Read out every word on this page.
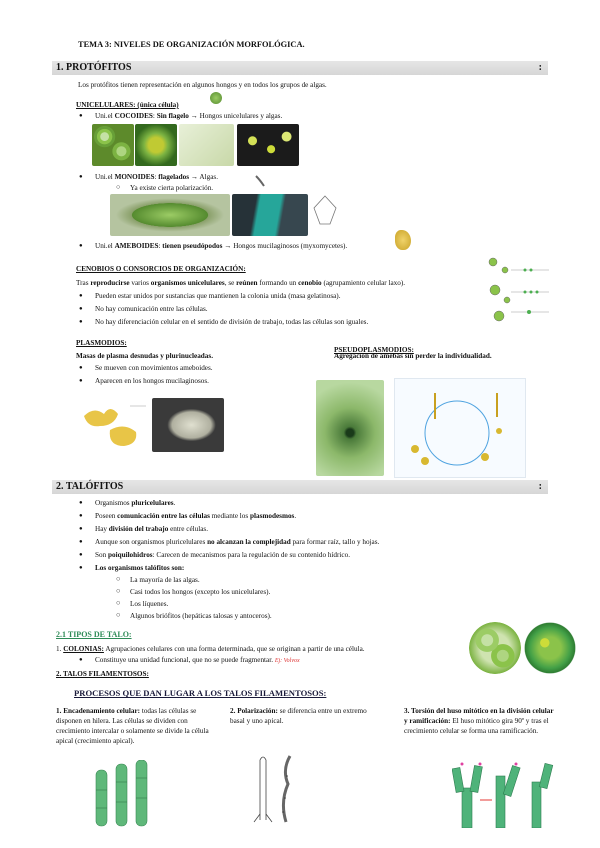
TEMA 3: NIVELES DE ORGANIZACIÓN MORFOLÓGICA.
1. PROTÓFITOS	:
Los protófitos tienen representación en algunos hongos y en todos los grupos de algas.
UNICELULARES: (única célula)
● Uni.el COCOIDES: Sin flagelo → Hongos unicelulares y algas.
● Uni.el MONOIDES: flagelados → Algas.
○ Ya existe cierta polarización.
● Uni.el AMEBOIDES: tienen pseudópodos → Hongos mucilaginosos (myxomycetes).
CENOBIOS O CONSORCIOS DE ORGANIZACIÓN:
Tras reproducirse varios organismos unicelulares, se reúnen formando un cenobio (agrupamiento celular laxo).
● Pueden estar unidos por sustancias que mantienen la colonia unida (masa gelatinosa).
● No hay comunicación entre las células.
● No hay diferenciación celular en el sentido de división de trabajo, todas las células son iguales.
PLASMODIOS:
Masas de plasma desnudas y plurinucleadas.
● Se mueven con movimientos ameboides.
● Aparecen en los hongos mucilaginosos.
PSEUDOPLASMODIOS:
Agregación de amebas sin perder la individualidad.
2. TALÓFITOS	:
● Organismos pluricelulares.
● Poseen comunicación entre las células mediante los plasmodesmos.
● Hay división del trabajo entre células.
● Aunque son organismos pluricelulares no alcanzan la complejidad para formar raíz, tallo y hojas.
● Son poiquilohidros: Carecen de mecanismos para la regulación de su contenido hídrico.
● Los organismos talófitos son:
○ La mayoría de las algas.
○ Casi todos los hongos (excepto los unicelulares).
○ Los líquenes.
○ Algunos briófitos (hepáticas talosas y antoceros).
2.1 TIPOS DE TALO:
1. COLONIAS: Agrupaciones celulares con una forma determinada, que se originan a partir de una célula.
● Constituye una unidad funcional, que no se puede fragmentar. Ej: Volvox
2. TALOS FILAMENTOSOS:
PROCESOS QUE DAN LUGAR A LOS TALOS FILAMENTOSOS:
1. Encadenamiento celular: todas las células se disponen en hilera. Las células se dividen con crecimiento intercalar o solamente se divide la célula apical (crecimiento apical).
2. Polarización: se diferencia entre un extremo basal y uno apical.
3. Torsión del huso mitótico en la división celular y ramificación: El huso mitótico gira 90º y tras el crecimiento celular se forma una ramificación.
